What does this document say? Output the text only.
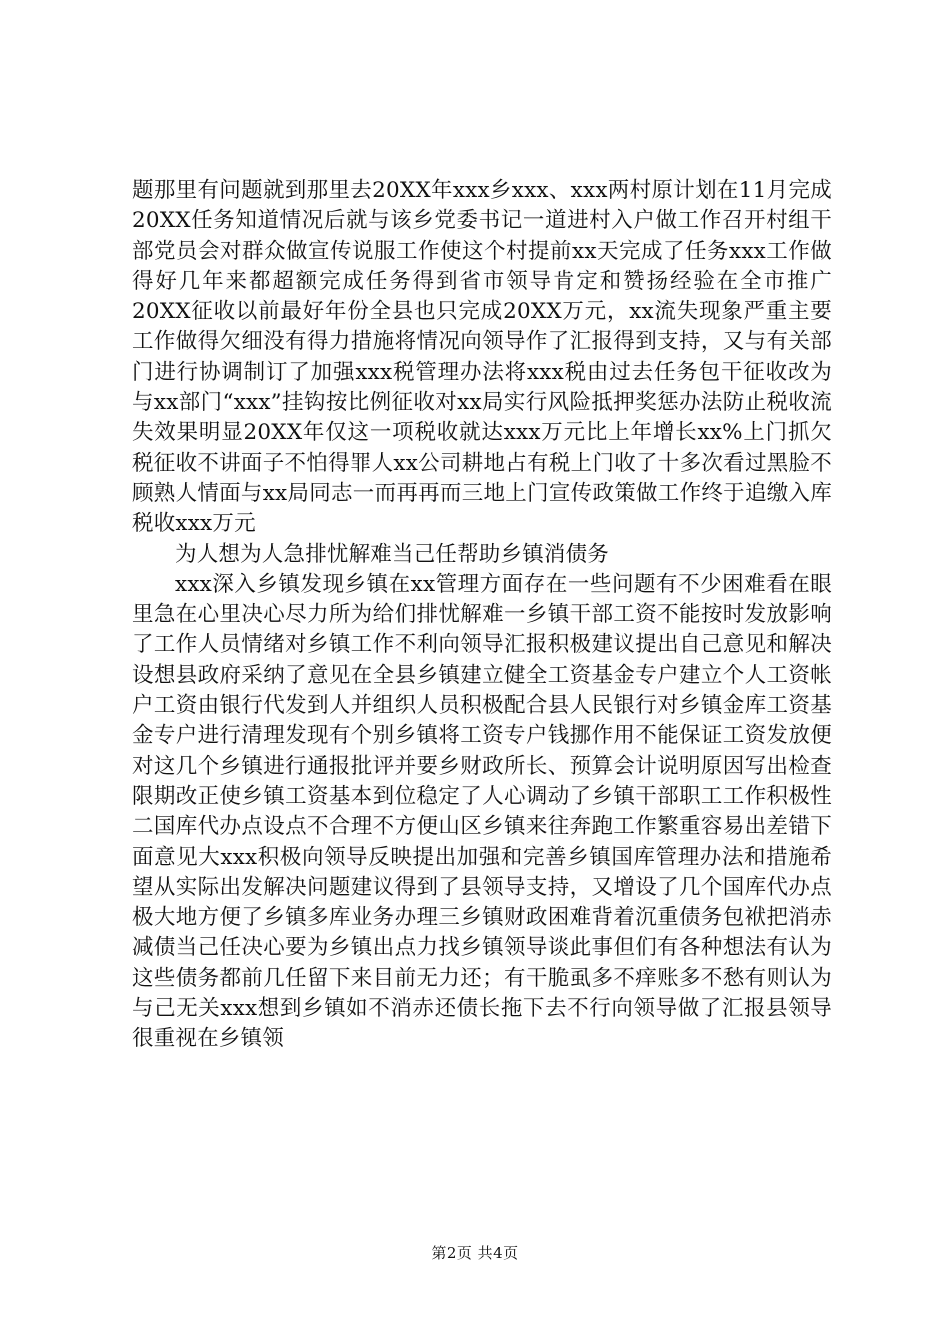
题那里有问题就到那里去20XX年xxx乡xxx、xxx两村原计划在11月完成20XX任务知道情况后就与该乡党委书记一道进村入户做工作召开村组干部党员会对群众做宣传说服工作使这个村提前xx天完成了任务xxx工作做得好几年来都超额完成任务得到省市领导肯定和赞扬经验在全市推广20XX征收以前最好年份全县也只完成20XX万元，xx流失现象严重主要工作做得欠细没有得力措施将情况向领导作了汇报得到支持，又与有关部门进行协调制订了加强xxx税管理办法将xxx税由过去任务包干征收改为与xx部门“xxx”挂钩按比例征收对xx局实行风险抵押奖惩办法防止税收流失效果明显20XX年仅这一项税收就达xxx万元比上年增长xx%上门抓欠税征收不讲面子不怕得罪人xx公司耕地占有税上门收了十多次看过黑脸不顾熟人情面与xx局同志一而再再而三地上门宣传政策做工作终于追缴入库税收xxx万元

为人想为人急排忧解难当己任帮助乡镇消债务

xxx深入乡镇发现乡镇在xx管理方面存在一些问题有不少困难看在眼里急在心里决心尽力所为给们排忧解难一乡镇干部工资不能按时发放影响了工作人员情绪对乡镇工作不利向领导汇报积极建议提出自己意见和解决设想县政府采纳了意见在全县乡镇建立健全工资基金专户建立个人工资帐户工资由银行代发到人并组织人员积极配合县人民银行对乡镇金库工资基金专户进行清理发现有个别乡镇将工资专户钱挪作用不能保证工资发放便对这几个乡镇进行通报批评并要乡财政所长、预算会计说明原因写出检查限期改正使乡镇工资基本到位稳定了人心调动了乡镇干部职工工作积极性二国库代办点设点不合理不方便山区乡镇来往奔跑工作繁重容易出差错下面意见大xxx积极向领导反映提出加强和完善乡镇国库管理办法和措施希望从实际出发解决问题建议得到了县领导支持，又增设了几个国库代办点极大地方便了乡镇多库业务办理三乡镇财政困难背着沉重债务包袱把消赤减债当己任决心要为乡镇出点力找乡镇领导谈此事但们有各种想法有认为这些债务都前几任留下来目前无力还；有干脆虱多不痒账多不愁有则认为与己无关xxx想到乡镇如不消赤还债长拖下去不行向领导做了汇报县领导很重视在乡镇领

第2页 共4页
